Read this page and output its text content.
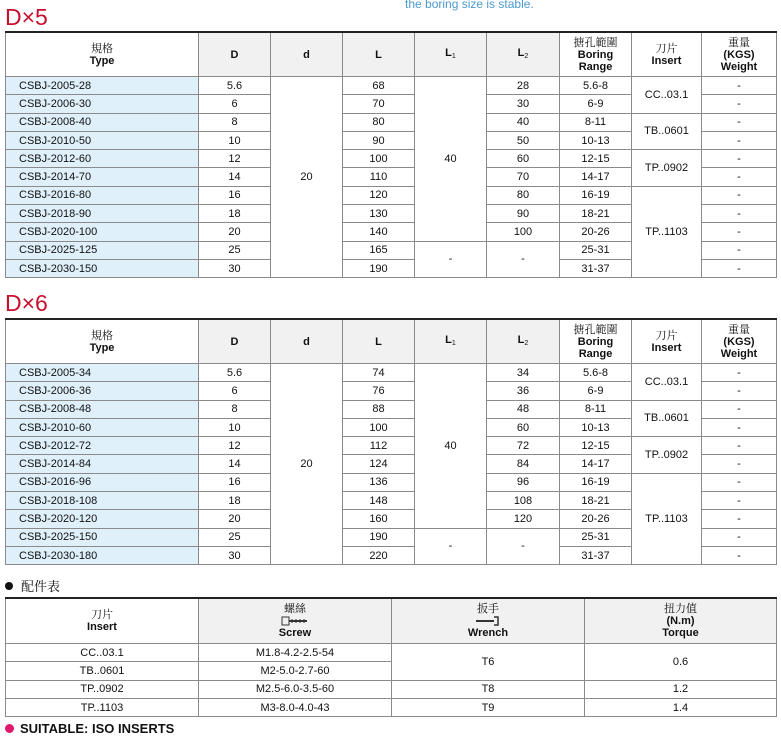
the boring size is stable.
D×5
規格
Type	D	d	L	$L_1$	$L_2$	搪孔範圍
Boring
Range	刀片
Insert	重量
(KGS)
Weight
CSBJ-2005-28	5.6	20	68	40	28	5.6-8	CC..03.1	-
CSBJ-2006-30	6		70		30	6-9		-
CSBJ-2008-40	8		80		40	8-11	TB..0601	-
CSBJ-2010-50	10		90		50	10-13		-
CSBJ-2012-60	12		100		60	12-15	TP..0902	-
CSBJ-2014-70	14		110		70	14-17		-
CSBJ-2016-80	16		120		80	16-19	TP..1103	-
CSBJ-2018-90	18		130		90	18-21		-
CSBJ-2020-100	20		140		100	20-26		-
CSBJ-2025-125	25		165	-	-	25-31		-
CSBJ-2030-150	30		190			31-37		-
D×6
規格
Type	D	d	L	$L_1$	$L_2$	搪孔範圍
Boring
Range	刀片
Insert	重量
(KGS)
Weight
CSBJ-2005-34	5.6	20	74	40	34	5.6-8	CC..03.1	-
CSBJ-2006-36	6		76		36	6-9		-
CSBJ-2008-48	8		88		48	8-11	TB..0601	-
CSBJ-2010-60	10		100		60	10-13		-
CSBJ-2012-72	12		112		72	12-15	TP..0902	-
CSBJ-2014-84	14		124		84	14-17		-
CSBJ-2016-96	16		136		96	16-19	TP..1103	-
CSBJ-2018-108	18		148		108	18-21		-
CSBJ-2020-120	20		160		120	20-26		-
CSBJ-2025-150	25		190	-	-	25-31		-
CSBJ-2030-180	30		220			31-37		-
配件表
刀片
Insert	螺絲

Screw	扳手

Wrench	扭力值
(N.m)
Torque
CC..03.1	M1.8-4.2-2.5-54	T6	0.6
TB..0601	M2-5.0-2.7-60		
TP..0902	M2.5-6.0-3.5-60	T8	1.2
TP..1103	M3-8.0-4.0-43	T9	1.4
SUITABLE: ISO INSERTS
